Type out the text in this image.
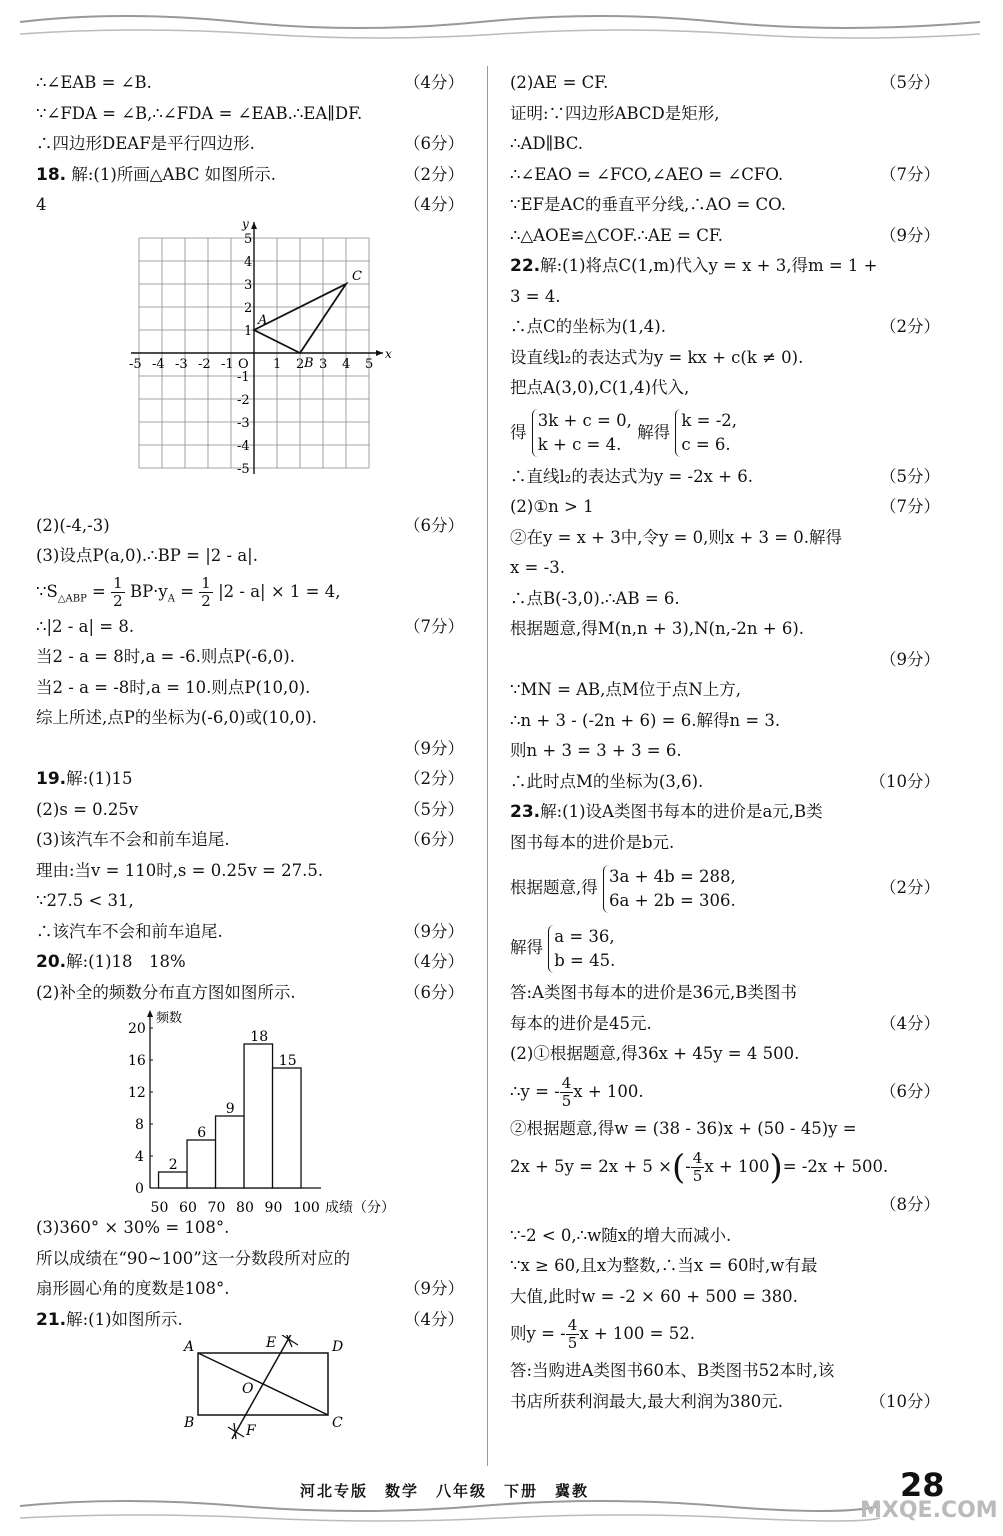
∴∠EAB = ∠B.	（4分）
∵∠FDA = ∠B,∴∠FDA = ∠EAB.∴EA∥DF.
∴四边形DEAF是平行四边形.	（6分）
18. 解:(1)所画△ABC 如图所示.	（2分）
4	（4分）
x
y
-5 -4 -3 -2 -1 O 1 2 3 4 5
5
4
3
2
1
-1
-2
-3
-4
-5
A
B
C
(2)(-4,-3)	（6分）
(3)设点P(a,0).∴BP = |2 - a|.
$\because S_{\triangle ABP} = \frac{1}{2} BP\cdot y_A = \frac{1}{2} |2 - a| \times 1 = 4$,
∴|2 - a| = 8.	（7分）
当2 - a = 8时,a = -6.则点P(-6,0).
当2 - a = -8时,a = 10.则点P(10,0).
综上所述,点P的坐标为(-6,0)或(10,0).
（9分）
19.解:(1)15	（2分）
(2)s = 0.25v	（5分）
(3)该汽车不会和前车追尾.	（6分）
理由:当v = 110时,s = 0.25v = 27.5.
∵27.5 < 31,
∴该汽车不会和前车追尾.	（9分）
20.解:(1)18　18%	（4分）
(2)补全的频数分布直方图如图所示.	（6分）
频数
成绩（分）
0
4
8
12
16
20
50 60 70 80 90 100
2
6
9
18
15
(3)360° × 30% = 108°.
所以成绩在“90~100”这一分数段所对应的
扇形圆心角的度数是108°.	（9分）
21.解:(1)如图所示.	（4分）
A
B	C
D
E
F
O
(2)AE = CF.	（5分）
证明:∵四边形ABCD是矩形,
∴AD∥BC.
∴∠EAO = ∠FCO,∠AEO = ∠CFO.	（7分）
∵EF是AC的垂直平分线,∴AO = CO.
∴△AOE≌△COF.∴AE = CF.	（9分）
22.解:(1)将点C(1,m)代入y = x + 3,得m = 1 +
3 = 4.
∴点C的坐标为(1,4).	（2分）
设直线l₂的表达式为y = kx + c(k ≠ 0).
把点A(3,0),C(1,4)代入,
得 3k + c = 0,
k + c = 4. 解得 k = -2,
c = 6.
∴直线l₂的表达式为y = -2x + 6.	（5分）
(2)①n > 1	（7分）
②在y = x + 3中,令y = 0,则x + 3 = 0.解得
x = -3.
∴点B(-3,0).∴AB = 6.
根据题意,得M(n,n + 3),N(n,-2n + 6).
（9分）
∵MN = AB,点M位于点N上方,
∴n + 3 - (-2n + 6) = 6.解得n = 3.
则n + 3 = 3 + 3 = 6.
∴此时点M的坐标为(3,6).	（10分）
23.解:(1)设A类图书每本的进价是a元,B类
图书每本的进价是b元.
根据题意,得 3a + 4b = 288,
6a + 2b = 306.
（2分）
解得 a = 36,
b = 45.
答:A类图书每本的进价是36元,B类图书
每本的进价是45元.	（4分）
(2)①根据题意,得36x + 45y = 4 500.
∴y = - $\frac{4}{5}$ x + 100.	（6分）
②根据题意,得w = (38 - 36)x + (50 - 45)y =
2x + 5y = 2x + 5 ×(- $\frac{4}{5}$ x + 100)= -2x + 500.
（8分）
∵-2 < 0,∴w随x的增大而减小.
∵x ≥ 60,且x为整数,∴当x = 60时,w有最
大值,此时w = -2 × 60 + 500 = 380.
则y = - $\frac{4}{5}$ x + 100 = 52.
答:当购进A类图书60本、B类图书52本时,该
书店所获利润最大,最大利润为380元.	（10分）
河北专版　数学　八年级　下册　冀教	28
MXQE.COM
